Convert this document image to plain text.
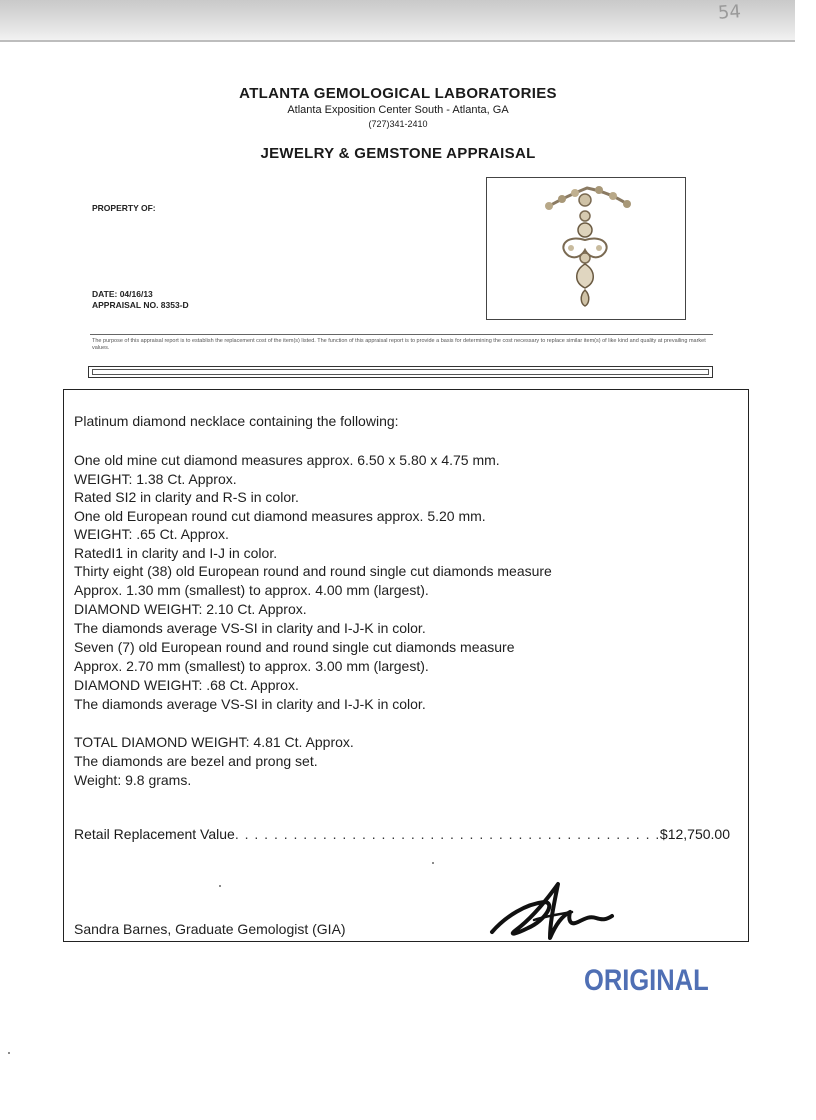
54
ATLANTA GEMOLOGICAL LABORATORIES
Atlanta Exposition Center South - Atlanta, GA
(727)341-2410
JEWELRY & GEMSTONE APPRAISAL
PROPERTY OF:
DATE: 04/16/13
APPRAISAL NO. 8353-D
The purpose of this appraisal report is to establish the replacement cost of the item(s) listed. The function of this appraisal report is to provide a basis for determining the cost necessary to replace similar item(s) of like kind and quality at prevailing market values.
Platinum diamond necklace containing the following:
One old mine cut diamond measures approx. 6.50 x 5.80 x 4.75 mm.
WEIGHT: 1.38 Ct. Approx.
Rated SI2 in clarity and R-S in color.
One old European round cut diamond measures approx. 5.20 mm.
WEIGHT: .65 Ct. Approx.
RatedI1 in clarity and I-J in color.
Thirty eight (38) old European round and round single cut diamonds measure
Approx. 1.30 mm (smallest) to approx. 4.00 mm (largest).
DIAMOND WEIGHT: 2.10 Ct. Approx.
The diamonds average VS-SI in clarity and I-J-K in color.
Seven (7) old European round and round single cut diamonds measure
Approx. 2.70 mm (smallest) to approx. 3.00 mm (largest).
DIAMOND WEIGHT: .68 Ct. Approx.
The diamonds average VS-SI in clarity and I-J-K in color.
TOTAL DIAMOND WEIGHT: 4.81 Ct. Approx.
The diamonds are bezel and prong set.
Weight: 9.8 grams.
Retail Replacement Value
. . .	$12,750.00
Sandra Barnes, Graduate Gemologist (GIA)
ORIGINAL
